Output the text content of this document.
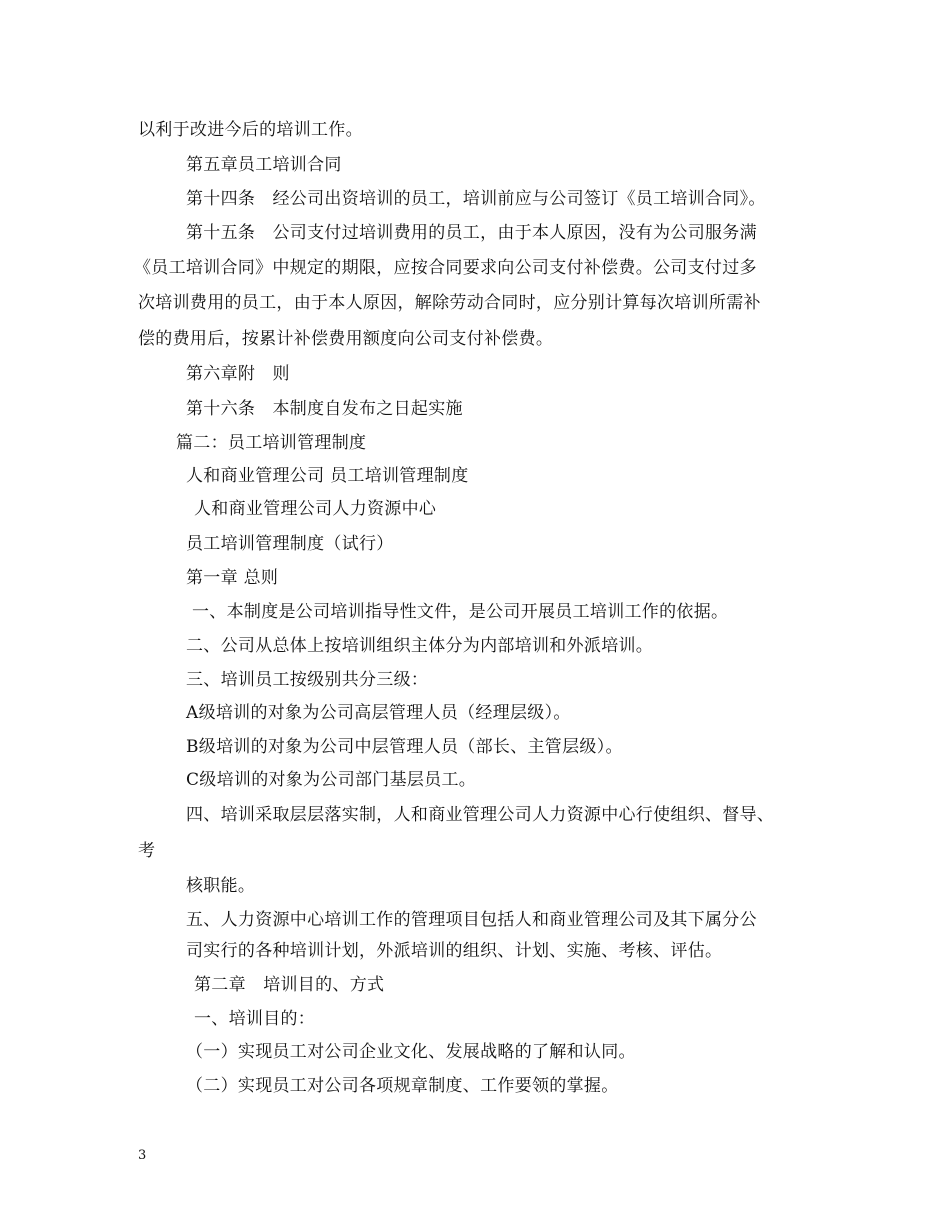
以利于改进今后的培训工作。
第五章员工培训合同
第十四条　经公司出资培训的员工，培训前应与公司签订《员工培训合同》。
第十五条　公司支付过培训费用的员工，由于本人原因，没有为公司服务满
《员工培训合同》中规定的期限，应按合同要求向公司支付补偿费。公司支付过多
次培训费用的员工，由于本人原因，解除劳动合同时，应分别计算每次培训所需补
偿的费用后，按累计补偿费用额度向公司支付补偿费。
第六章附　则
第十六条　本制度自发布之日起实施
篇二：员工培训管理制度
人和商业管理公司 员工培训管理制度
人和商业管理公司人力资源中心
员工培训管理制度（试行）
第一章 总则
一、本制度是公司培训指导性文件，是公司开展员工培训工作的依据。
二、公司从总体上按培训组织主体分为内部培训和外派培训。
三、培训员工按级别共分三级：
A级培训的对象为公司高层管理人员（经理层级）。
B级培训的对象为公司中层管理人员（部长、主管层级）。
C级培训的对象为公司部门基层员工。
四、培训采取层层落实制，人和商业管理公司人力资源中心行使组织、督导、
考
核职能。
五、人力资源中心培训工作的管理项目包括人和商业管理公司及其下属分公
司实行的各种培训计划，外派培训的组织、计划、实施、考核、评估。
第二章　培训目的、方式
一、培训目的：
（一）实现员工对公司企业文化、发展战略的了解和认同。
（二）实现员工对公司各项规章制度、工作要领的掌握。
3
